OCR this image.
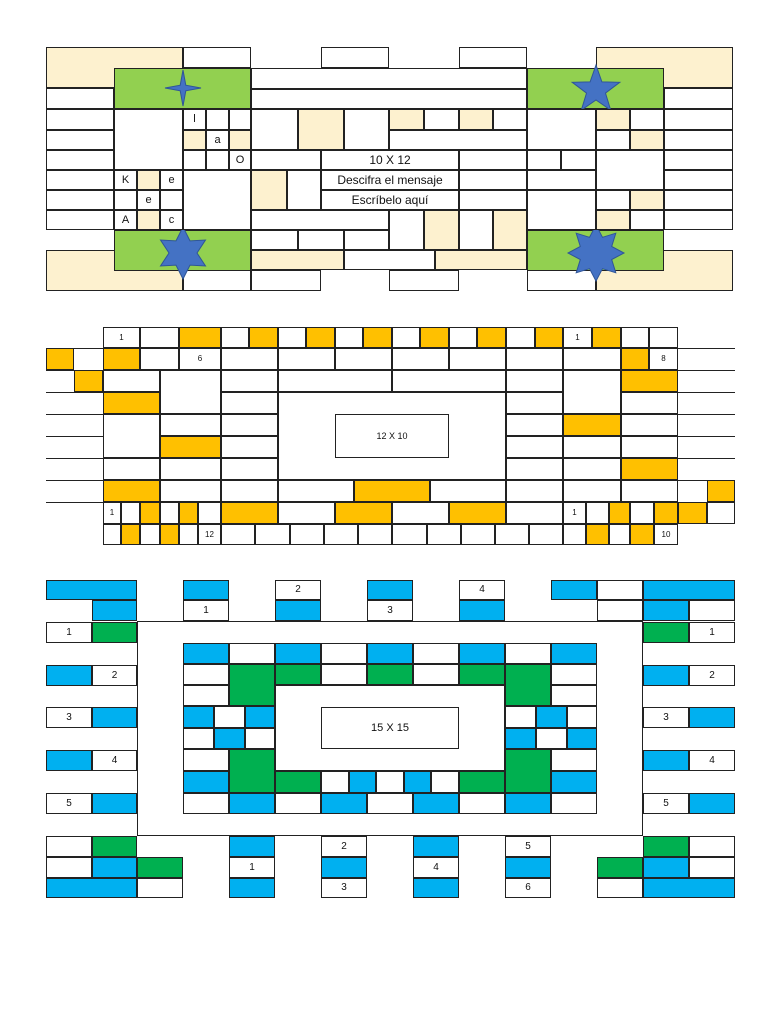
l
a
O
K	e
e
A	c
10 X 12
Descifra el mensaje
Escríbelo aquí
1	1
6
12 X 10
8
1	1
12	10
1
2
3
4
1
2
3
4
5
1
2
3
4
5
15 X 15
1
2
3
4
5
6
